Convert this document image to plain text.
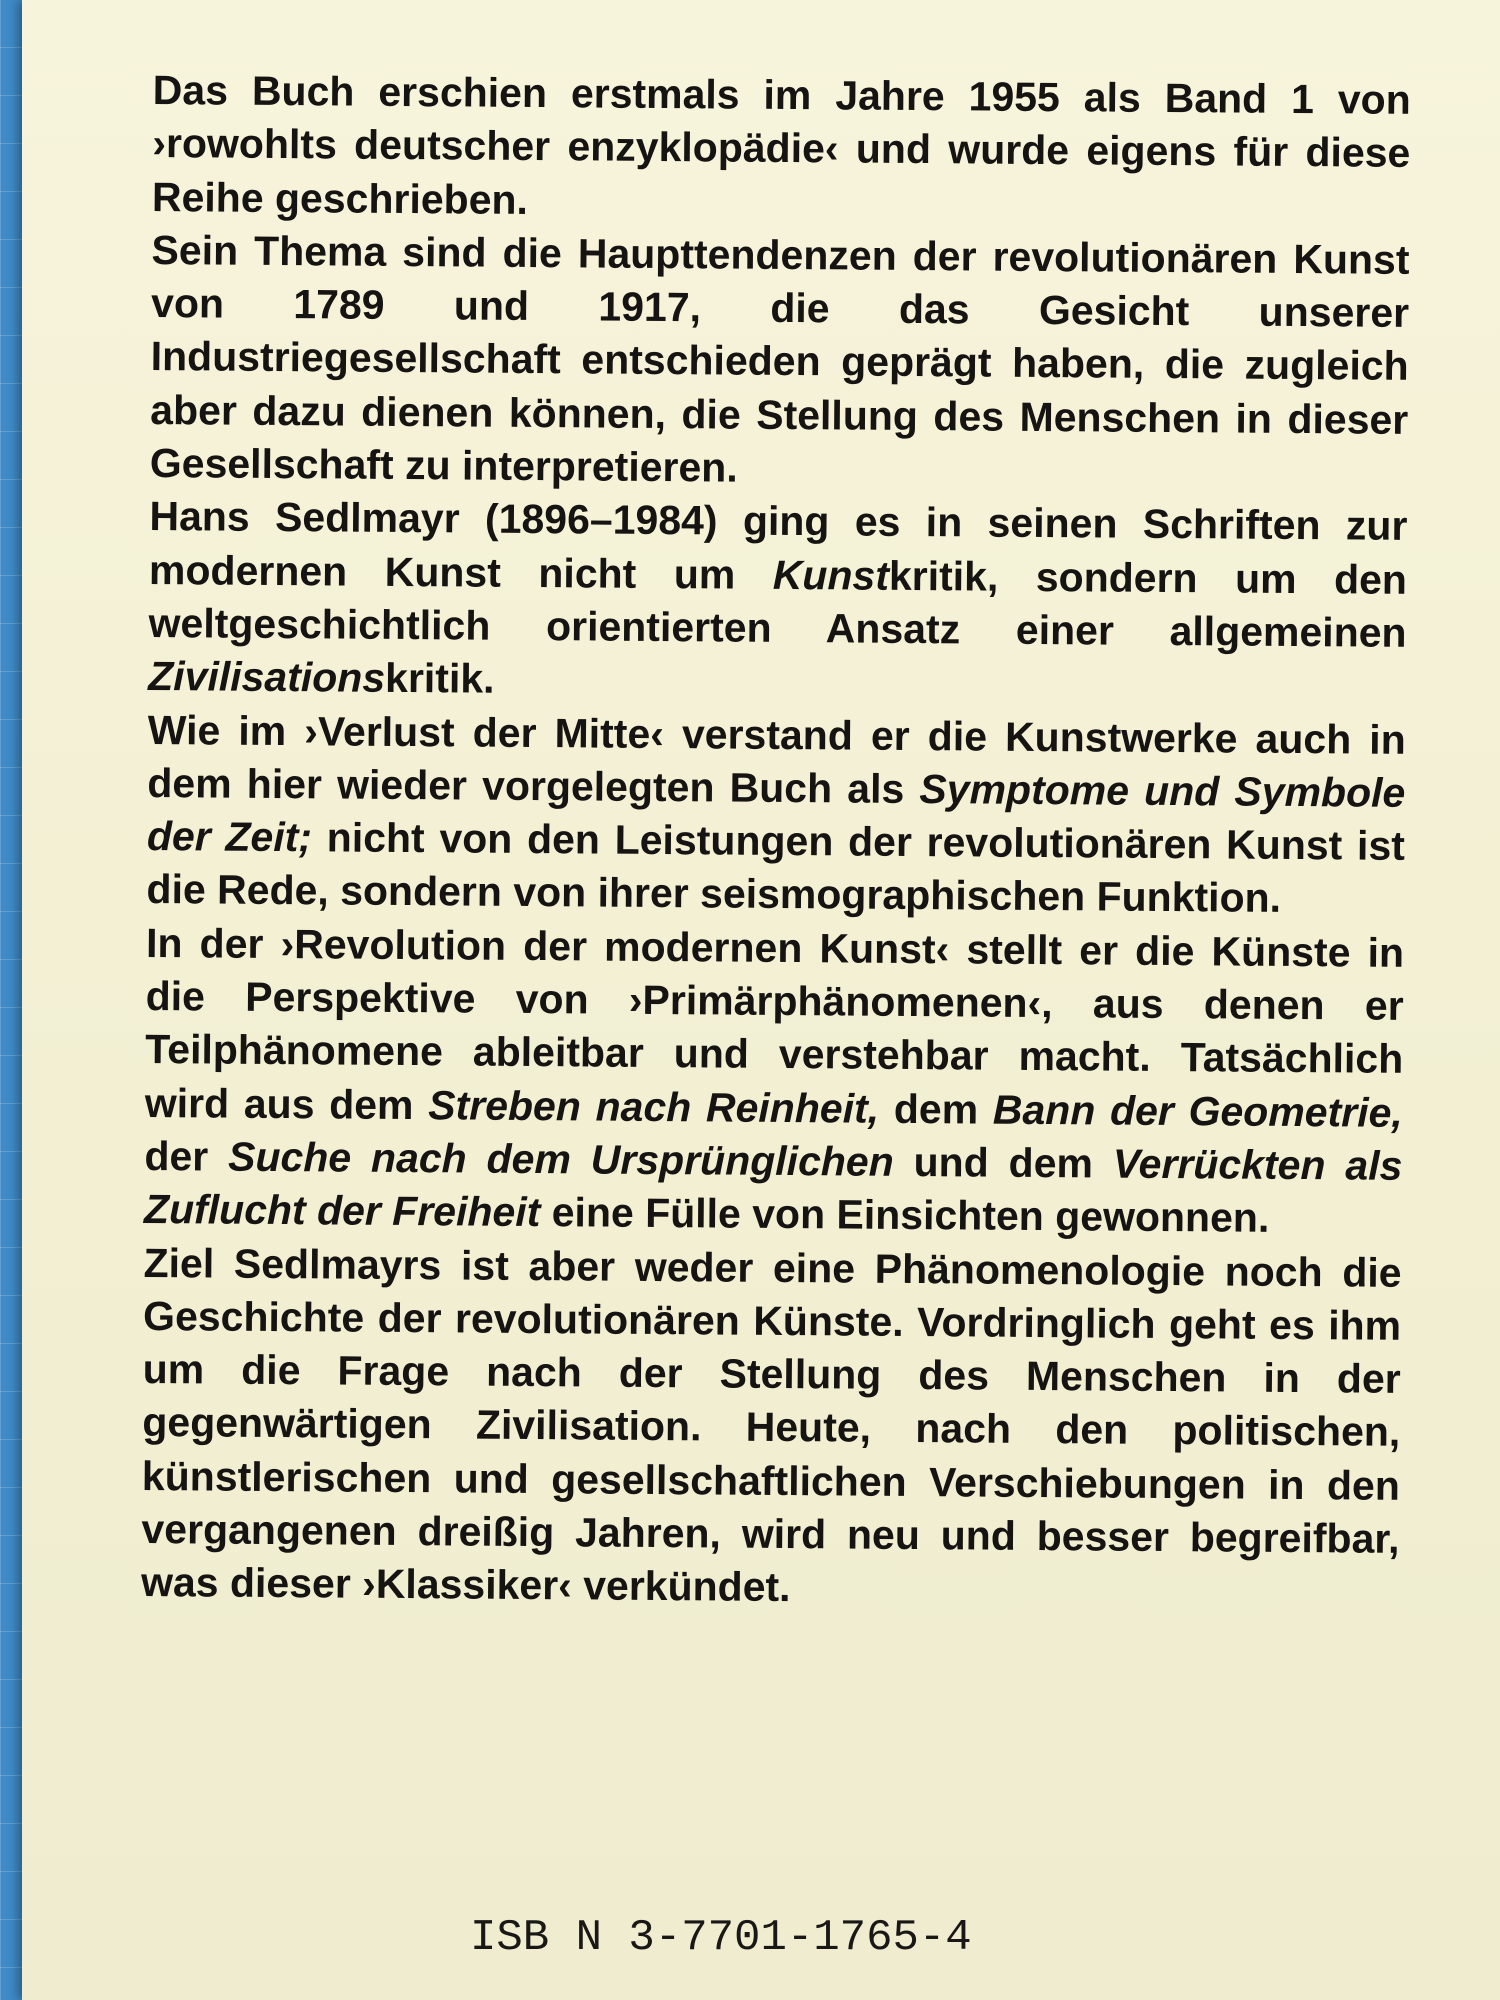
Das Buch erschien erstmals im Jahre 1955 als Band 1 von ›rowohlts deutscher enzyklopädie‹ und wurde eigens für diese Reihe geschrieben.

Sein Thema sind die Haupttendenzen der revolutionären Kunst von 1789 und 1917, die das Gesicht unserer Industriegesellschaft entschieden geprägt haben, die zugleich aber dazu dienen können, die Stellung des Menschen in dieser Gesellschaft zu interpretieren.

Hans Sedlmayr (1896–1984) ging es in seinen Schriften zur modernen Kunst nicht um Kunstkritik, sondern um den weltgeschichtlich orientierten Ansatz einer allgemeinen Zivilisationskritik.

Wie im ›Verlust der Mitte‹ verstand er die Kunstwerke auch in dem hier wieder vorgelegten Buch als Symptome und Symbole der Zeit; nicht von den Leistungen der revolutionären Kunst ist die Rede, sondern von ihrer seismographischen Funktion.

In der ›Revolution der modernen Kunst‹ stellt er die Künste in die Perspektive von ›Primärphänomenen‹, aus denen er Teilphänomene ableitbar und verstehbar macht. Tatsächlich wird aus dem Streben nach Reinheit, dem Bann der Geometrie, der Suche nach dem Ursprünglichen und dem Verrückten als Zuflucht der Freiheit eine Fülle von Einsichten gewonnen.

Ziel Sedlmayrs ist aber weder eine Phänomenologie noch die Geschichte der revolutionären Künste. Vordringlich geht es ihm um die Frage nach der Stellung des Menschen in der gegenwärtigen Zivilisation. Heute, nach den politischen, künstlerischen und gesellschaftlichen Verschiebungen in den vergangenen dreißig Jahren, wird neu und besser begreifbar, was dieser ›Klassiker‹ verkündet.

ISB N 3-7701-1765-4
